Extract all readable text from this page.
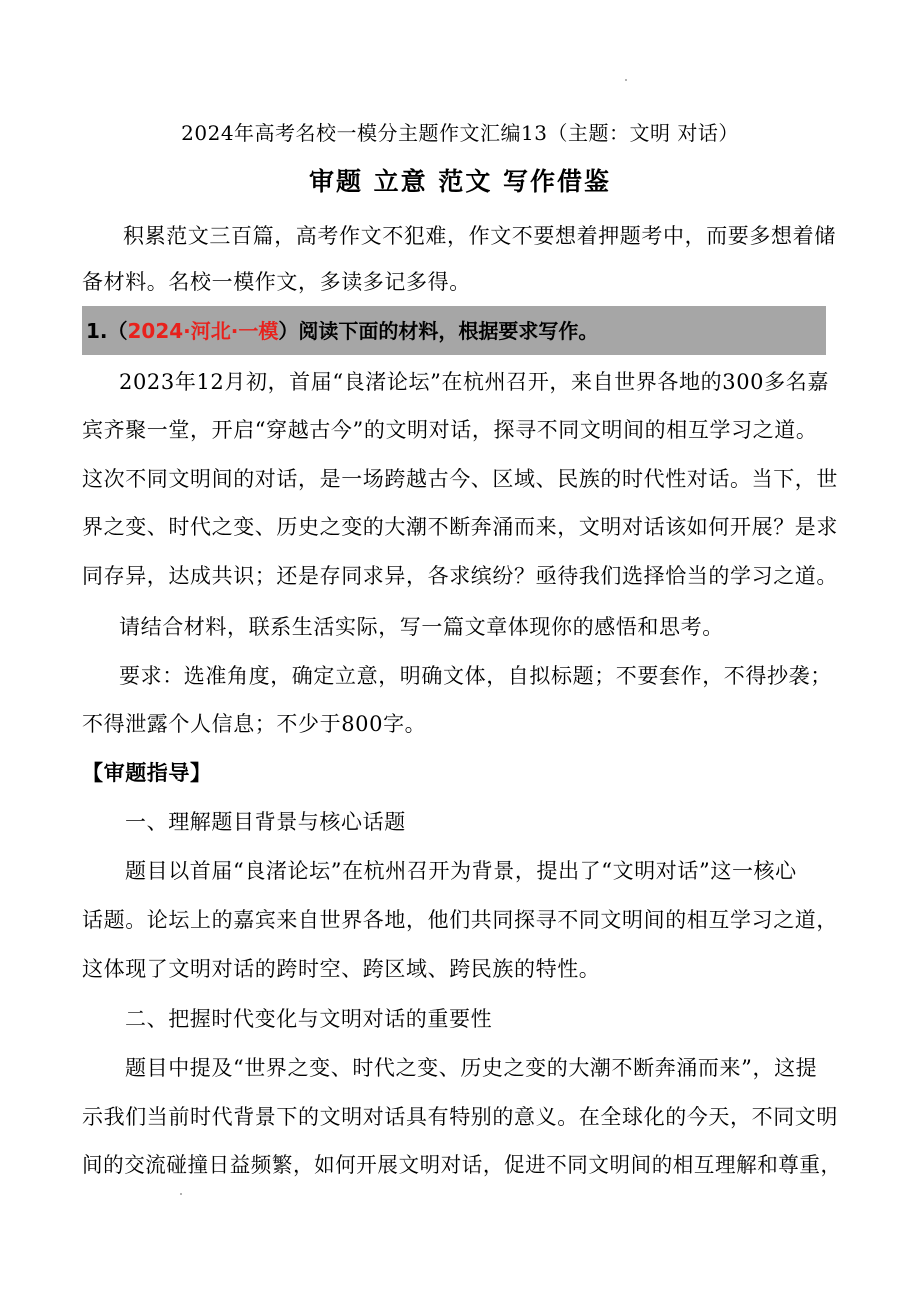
2024年高考名校一模分主题作文汇编13（主题：文明 对话）
审题 立意 范文 写作借鉴
积累范文三百篇，高考作文不犯难，作文不要想着押题考中，而要多想着储
备材料。名校一模作文，多读多记多得。
1.（2024·河北·一模）阅读下面的材料，根据要求写作。
2023年12月初，首届“良渚论坛”在杭州召开，来自世界各地的300多名嘉
宾齐聚一堂，开启“穿越古今”的文明对话，探寻不同文明间的相互学习之道。
这次不同文明间的对话，是一场跨越古今、区域、民族的时代性对话。当下，世
界之变、时代之变、历史之变的大潮不断奔涌而来，文明对话该如何开展？是求
同存异，达成共识；还是存同求异，各求缤纷？亟待我们选择恰当的学习之道。
请结合材料，联系生活实际，写一篇文章体现你的感悟和思考。
要求：选准角度，确定立意，明确文体，自拟标题；不要套作，不得抄袭；
不得泄露个人信息；不少于800字。
【审题指导】
一、理解题目背景与核心话题
题目以首届“良渚论坛”在杭州召开为背景，提出了“文明对话”这一核心
话题。论坛上的嘉宾来自世界各地，他们共同探寻不同文明间的相互学习之道，
这体现了文明对话的跨时空、跨区域、跨民族的特性。
二、把握时代变化与文明对话的重要性
题目中提及“世界之变、时代之变、历史之变的大潮不断奔涌而来”，这提
示我们当前时代背景下的文明对话具有特别的意义。在全球化的今天，不同文明
间的交流碰撞日益频繁，如何开展文明对话，促进不同文明间的相互理解和尊重，
